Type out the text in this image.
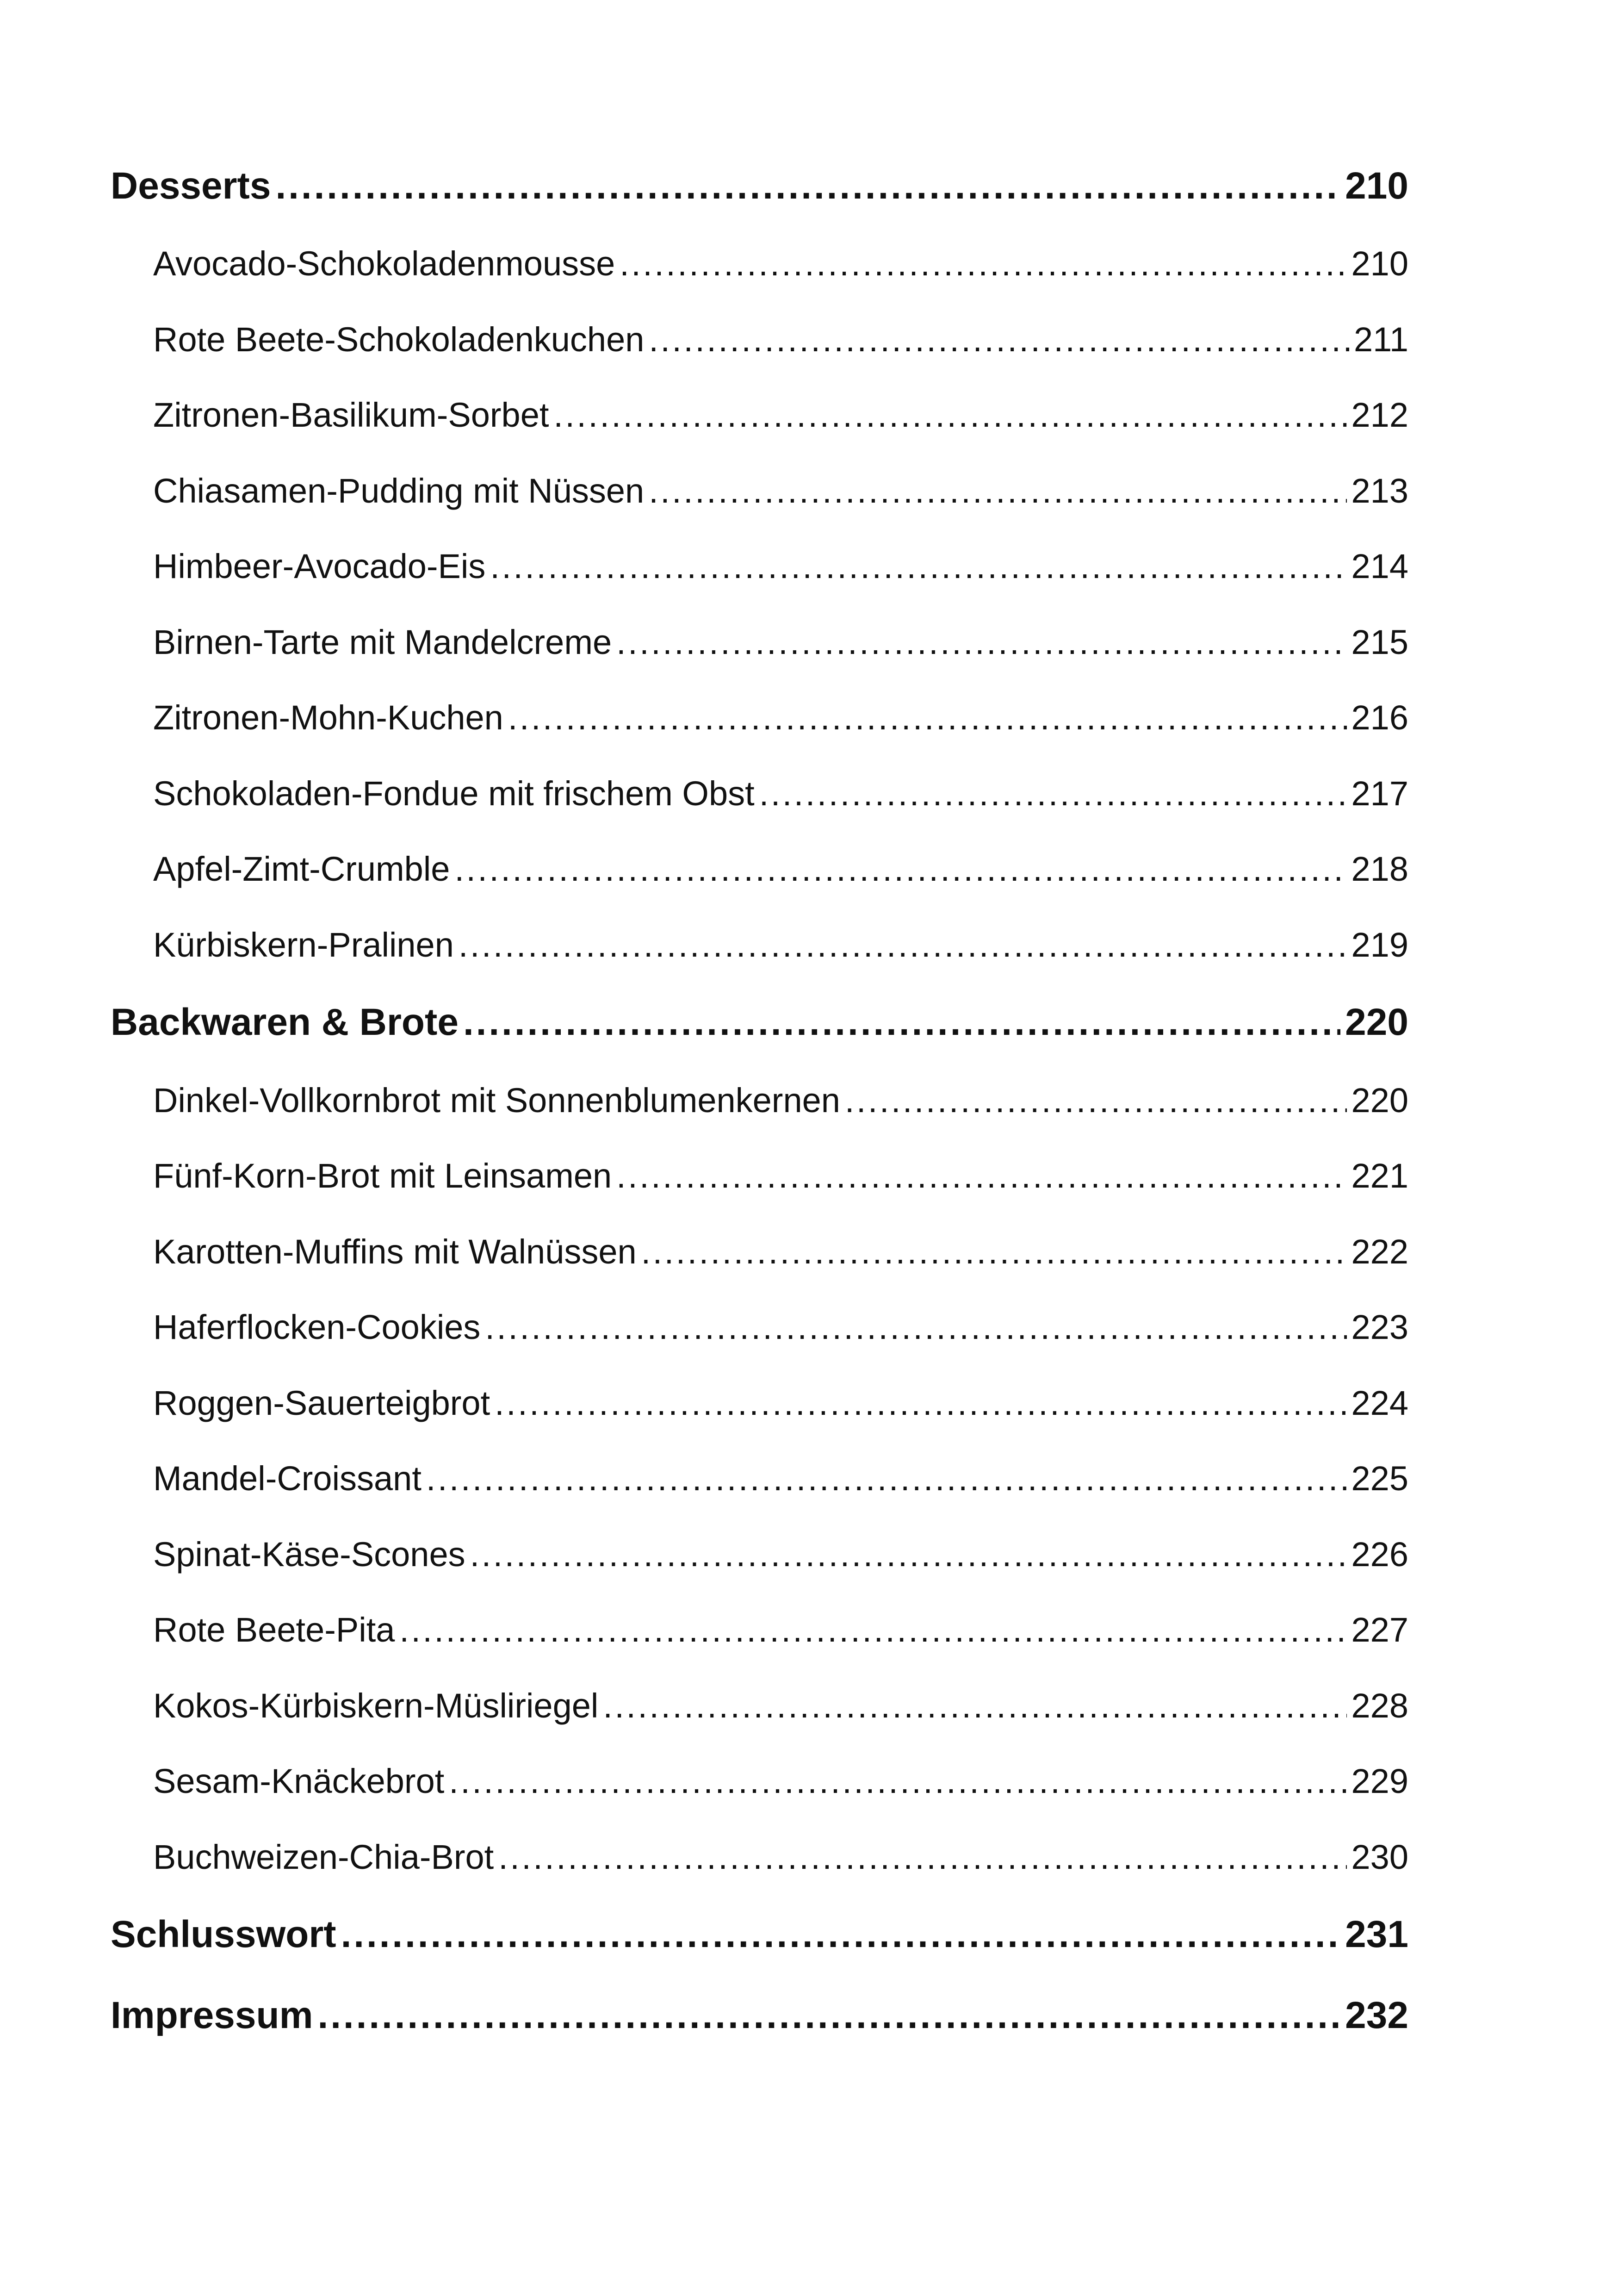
Desserts .....	210
Avocado-Schokoladenmousse .....	210
Rote Beete-Schokoladenkuchen .....	211
Zitronen-Basilikum-Sorbet .....	212
Chiasamen-Pudding mit Nüssen .....	213
Himbeer-Avocado-Eis .....	214
Birnen-Tarte mit Mandelcreme .....	215
Zitronen-Mohn-Kuchen .....	216
Schokoladen-Fondue mit frischem Obst .....	217
Apfel-Zimt-Crumble .....	218
Kürbiskern-Pralinen .....	219
Backwaren & Brote .....	220
Dinkel-Vollkornbrot mit Sonnenblumenkernen .....	220
Fünf-Korn-Brot mit Leinsamen .....	221
Karotten-Muffins mit Walnüssen .....	222
Haferflocken-Cookies .....	223
Roggen-Sauerteigbrot .....	224
Mandel-Croissant .....	225
Spinat-Käse-Scones .....	226
Rote Beete-Pita .....	227
Kokos-Kürbiskern-Müsliriegel .....	228
Sesam-Knäckebrot .....	229
Buchweizen-Chia-Brot .....	230
Schlusswort .....	231
Impressum .....	232
